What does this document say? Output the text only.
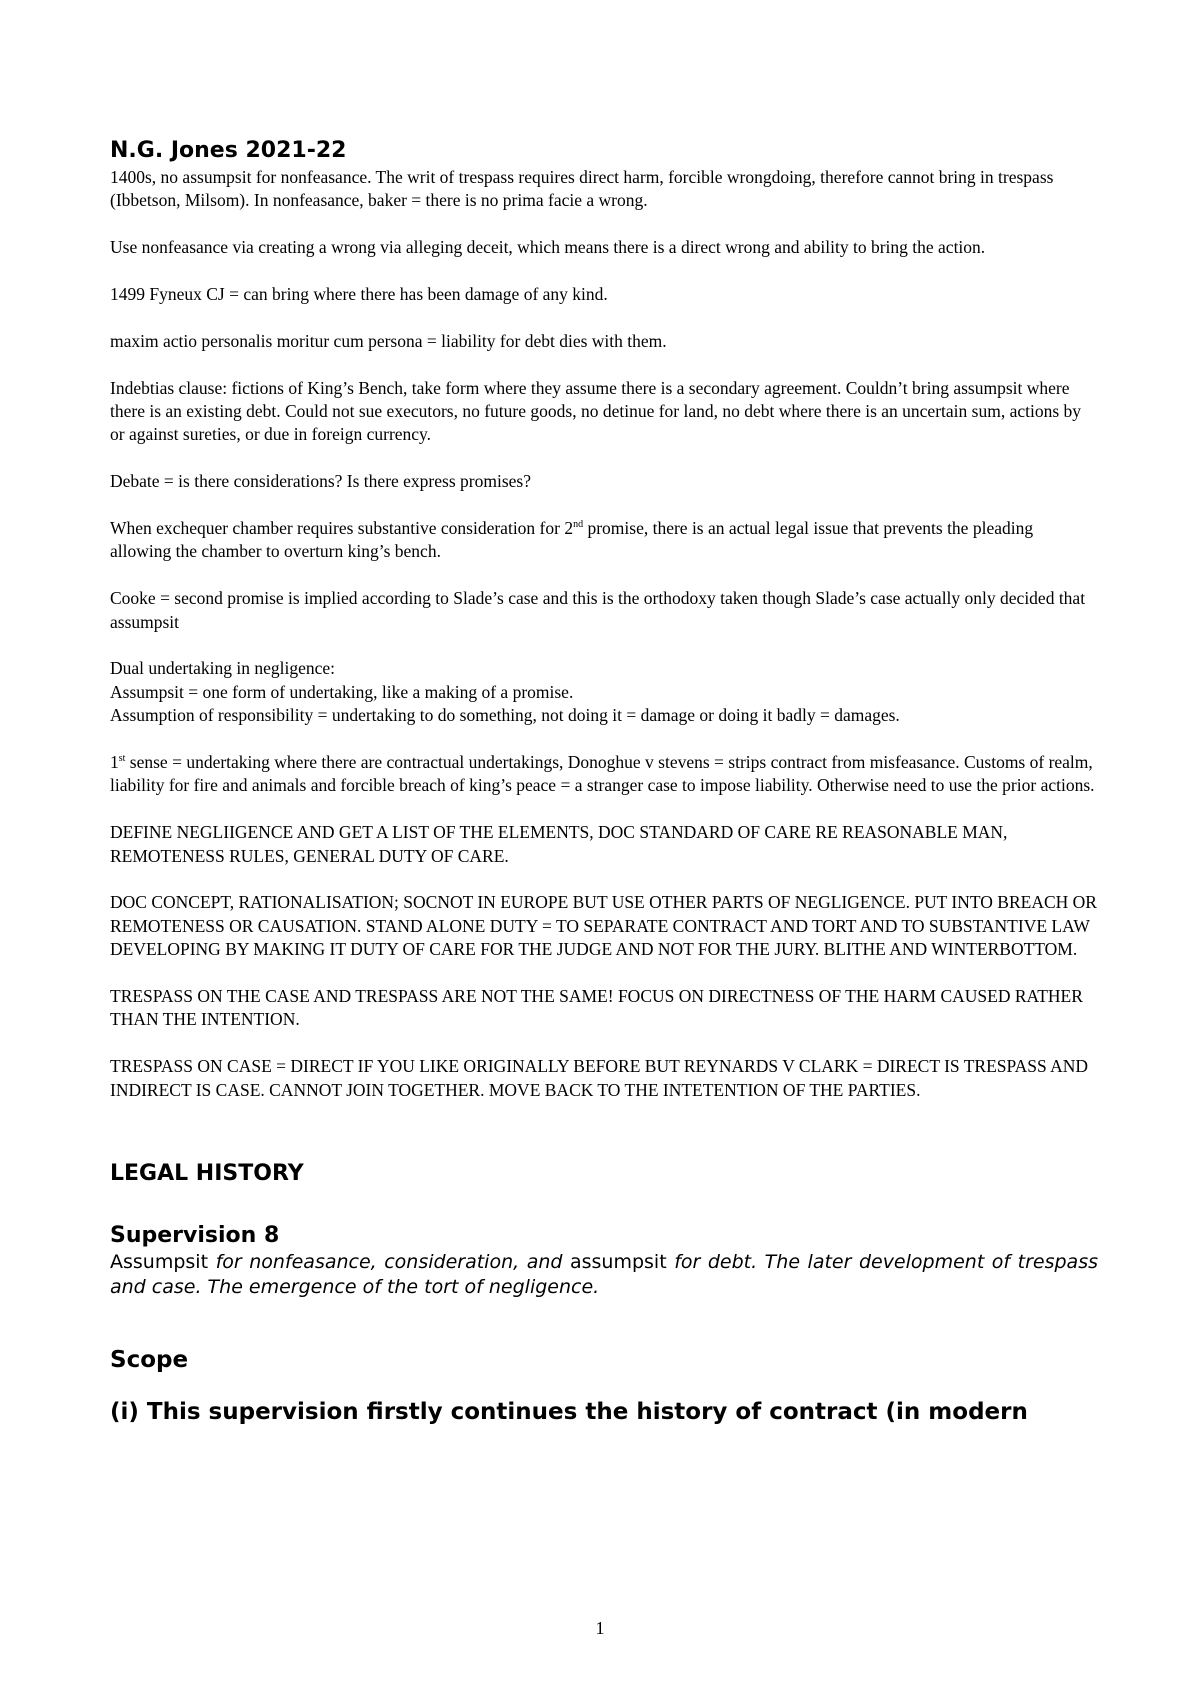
N.G. Jones 2021-22

1400s, no assumpsit for nonfeasance. The writ of trespass requires direct harm, forcible wrongdoing, therefore cannot bring in trespass (Ibbetson, Milsom). In nonfeasance, baker = there is no prima facie a wrong.

Use nonfeasance via creating a wrong via alleging deceit, which means there is a direct wrong and ability to bring the action.

1499 Fyneux CJ = can bring where there has been damage of any kind.

maxim actio personalis moritur cum persona = liability for debt dies with them.

Indebtias clause: fictions of King’s Bench, take form where they assume there is a secondary agreement. Couldn’t bring assumpsit where there is an existing debt. Could not sue executors, no future goods, no detinue for land, no debt where there is an uncertain sum, actions by or against sureties, or due in foreign currency.

Debate = is there considerations? Is there express promises?

When exchequer chamber requires substantive consideration for 2nd promise, there is an actual legal issue that prevents the pleading allowing the chamber to overturn king’s bench.

Cooke = second promise is implied according to Slade’s case and this is the orthodoxy taken though Slade’s case actually only decided that assumpsit

Dual undertaking in negligence:
Assumpsit = one form of undertaking, like a making of a promise.
Assumption of responsibility = undertaking to do something, not doing it = damage or doing it badly = damages.

1st sense = undertaking where there are contractual undertakings, Donoghue v stevens = strips contract from misfeasance. Customs of realm, liability for fire and animals and forcible breach of king’s peace = a stranger case to impose liability. Otherwise need to use the prior actions.

DEFINE NEGLIIGENCE AND GET A LIST OF THE ELEMENTS, DOC STANDARD OF CARE RE REASONABLE MAN, REMOTENESS RULES, GENERAL DUTY OF CARE.

DOC CONCEPT, RATIONALISATION; SOCNOT IN EUROPE BUT USE OTHER PARTS OF NEGLIGENCE. PUT INTO BREACH OR REMOTENESS OR CAUSATION. STAND ALONE DUTY = TO SEPARATE CONTRACT AND TORT AND TO SUBSTANTIVE LAW DEVELOPING BY MAKING IT DUTY OF CARE FOR THE JUDGE AND NOT FOR THE JURY. BLITHE AND WINTERBOTTOM.

TRESPASS ON THE CASE AND TRESPASS ARE NOT THE SAME! FOCUS ON DIRECTNESS OF THE HARM CAUSED RATHER THAN THE INTENTION.

TRESPASS ON CASE = DIRECT IF YOU LIKE ORIGINALLY BEFORE BUT REYNARDS V CLARK = DIRECT IS TRESPASS AND INDIRECT IS CASE. CANNOT JOIN TOGETHER. MOVE BACK TO THE INTETENTION OF THE PARTIES.

LEGAL HISTORY
Supervision 8

Assumpsit for nonfeasance, consideration, and assumpsit for debt. The later development of trespass and case. The emergence of the tort of negligence.

Scope

(i) This supervision firstly continues the history of contract (in modern

1
